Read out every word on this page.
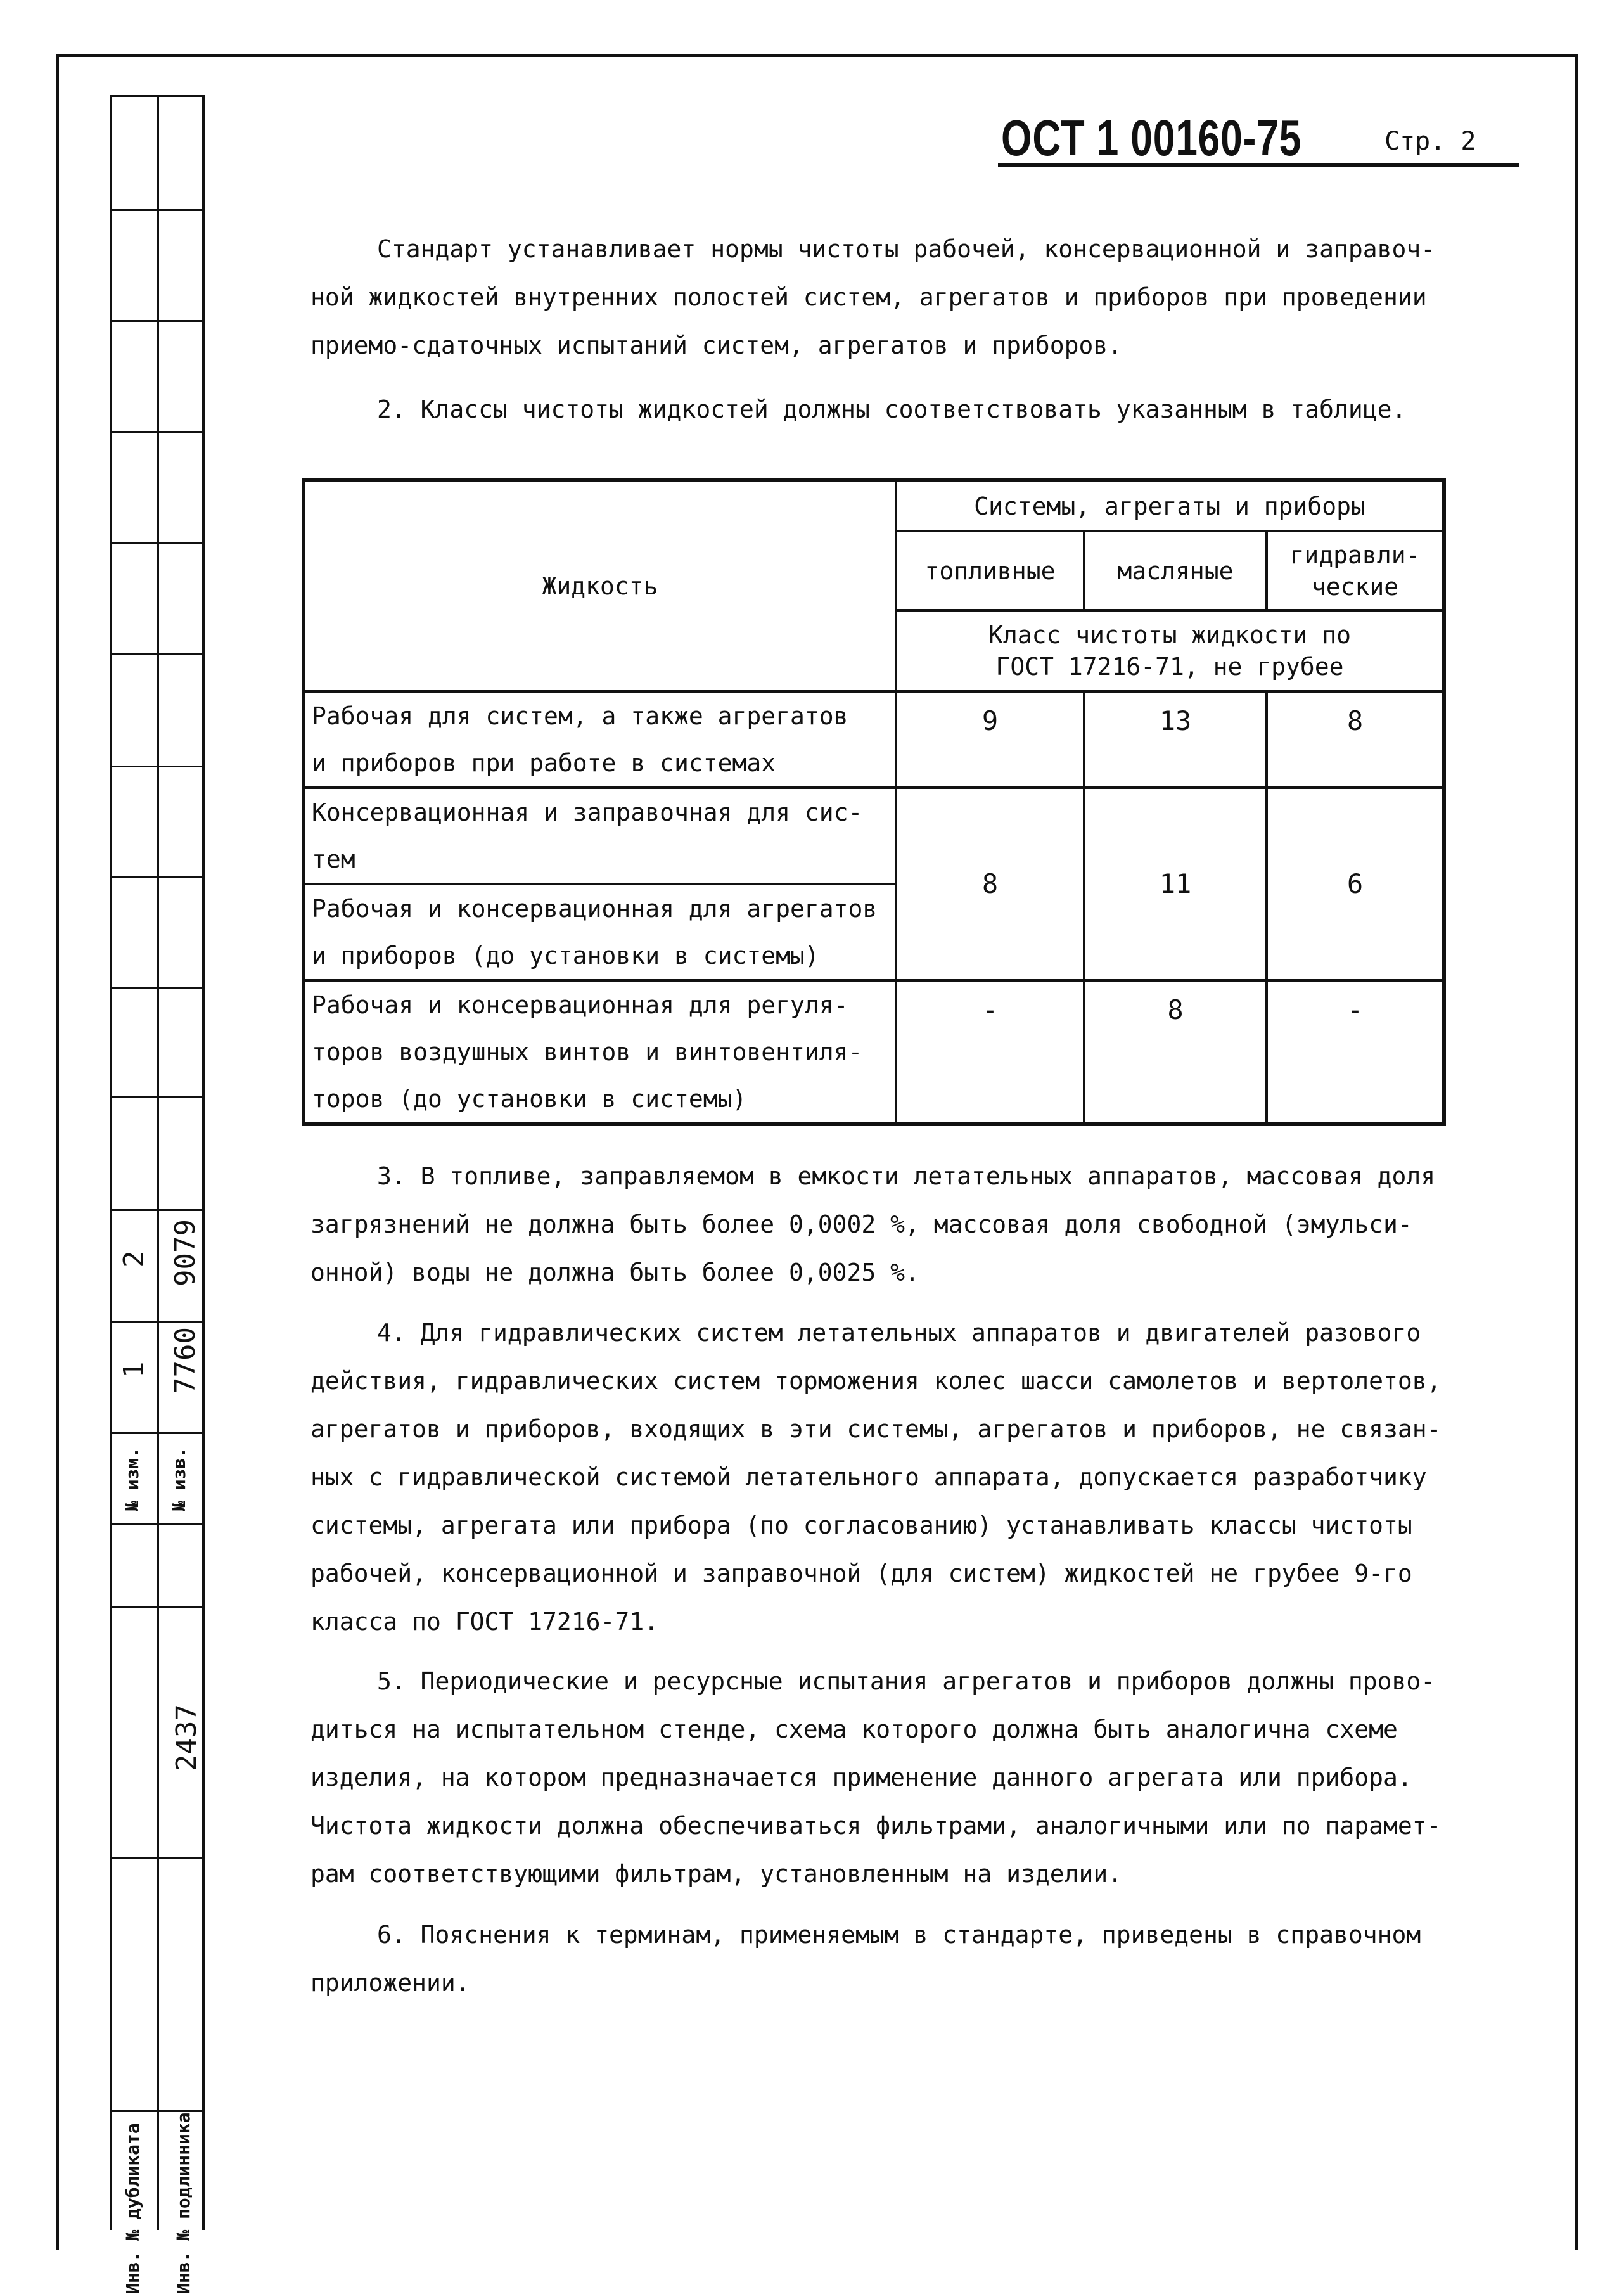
2 9079
1 7760
№ изм. № изв.
2437
Инв. № дубликата Инв. № подлинника
ОСТ 1 00160-75	Стр. 2
Стандарт устанавливает нормы чистоты рабочей, консервационной и заправоч-
ной жидкостей внутренних полостей систем, агрегатов и приборов при проведении
приемо-сдаточных испытаний систем, агрегатов и приборов.
2. Классы чистоты жидкостей должны соответствовать указанным в таблице.
Жидкость	Системы, агрегаты и приборы		
	топливные	масляные	гидравли-
ческие

	Класс чистоты жидкости по
ГОСТ 17216-71, не грубее		

Рабочая для систем, а также агрегатов
и приборов при работе в системах	9	13	8

Консервационная и заправочная для сис-
тем	8	11	6

Рабочая и консервационная для агрегатов
и приборов (до установки в системы)			

Рабочая и консервационная для регуля-
торов воздушных винтов и винтовентиля-
торов (до установки в системы)	-	8	-
3. В топливе, заправляемом в емкости летательных аппаратов, массовая доля
загрязнений не должна быть более 0,0002 %, массовая доля свободной (эмульси-
онной) воды не должна быть более 0,0025 %.
4. Для гидравлических систем летательных аппаратов и двигателей разового
действия, гидравлических систем торможения колес шасси самолетов и вертолетов,
агрегатов и приборов, входящих в эти системы, агрегатов и приборов, не связан-
ных с гидравлической системой летательного аппарата, допускается разработчику
системы, агрегата или прибора (по согласованию) устанавливать классы чистоты
рабочей, консервационной и заправочной (для систем) жидкостей не грубее 9-го
класса по ГОСТ 17216-71.
5. Периодические и ресурсные испытания агрегатов и приборов должны прово-
диться на испытательном стенде, схема которого должна быть аналогична схеме
изделия, на котором предназначается применение данного агрегата или прибора.
Чистота жидкости должна обеспечиваться фильтрами, аналогичными или по парамет-
рам соответствующими фильтрам, установленным на изделии.
6. Пояснения к терминам, применяемым в стандарте, приведены в справочном
приложении.
